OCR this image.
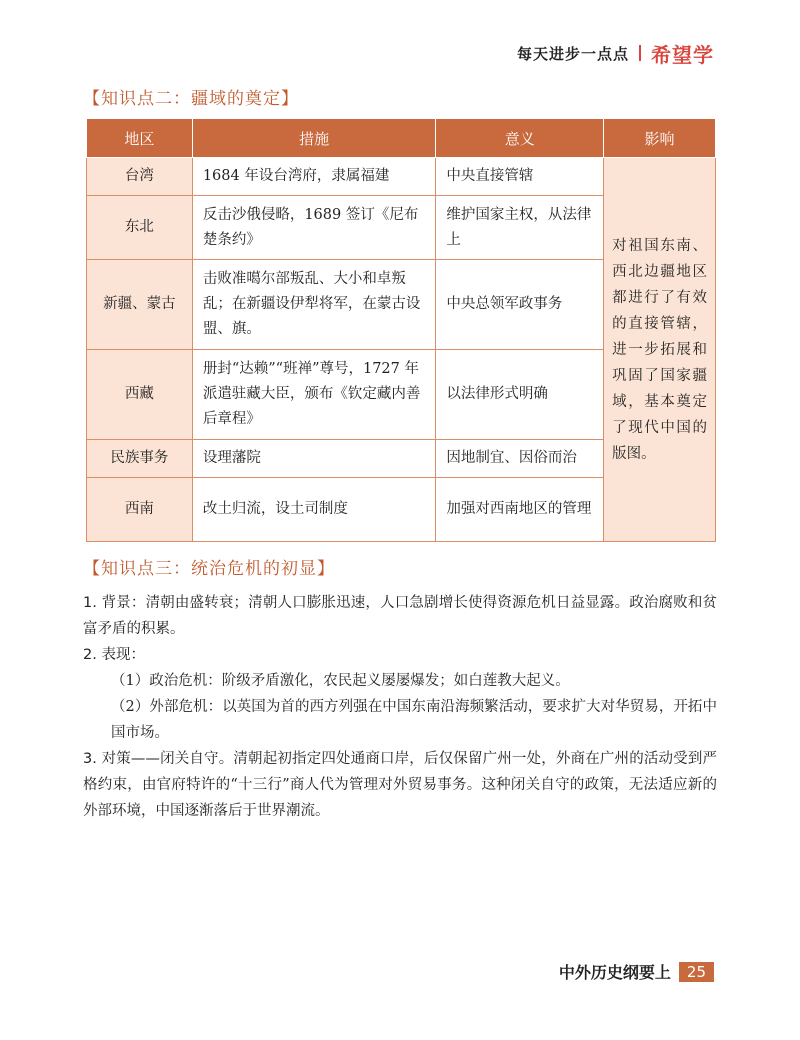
每天进步一点点 希望学
【知识点二：疆域的奠定】
地区	措施	意义	影响
台湾	1684 年设台湾府，隶属福建	中央直接管辖	对祖国东南、西北边疆地区都进行了有效的直接管辖，进一步拓展和巩固了国家疆域，基本奠定了现代中国的版图。
东北	反击沙俄侵略，1689 签订《尼布楚条约》	维护国家主权，从法律上	
新疆、蒙古	击败准噶尔部叛乱、大小和卓叛乱；在新疆设伊犁将军，在蒙古设盟、旗。	中央总领军政事务	
西藏	册封“达赖”“班禅”尊号，1727 年派遣驻藏大臣，颁布《钦定藏内善后章程》	以法律形式明确	
民族事务	设理藩院	因地制宜、因俗而治	
西南	改土归流，设土司制度	加强对西南地区的管理	
【知识点三：统治危机的初显】

1. 背景：清朝由盛转衰；清朝人口膨胀迅速，人口急剧增长使得资源危机日益显露。政治腐败和贫富矛盾的积累。

2. 表现：

（1）政治危机：阶级矛盾激化，农民起义屡屡爆发；如白莲教大起义。

（2）外部危机：以英国为首的西方列强在中国东南沿海频繁活动，要求扩大对华贸易，开拓中国市场。

3. 对策——闭关自守。清朝起初指定四处通商口岸，后仅保留广州一处，外商在广州的活动受到严格约束，由官府特许的“十三行”商人代为管理对外贸易事务。这种闭关自守的政策，无法适应新的外部环境，中国逐渐落后于世界潮流。

中外历史纲要上	25
